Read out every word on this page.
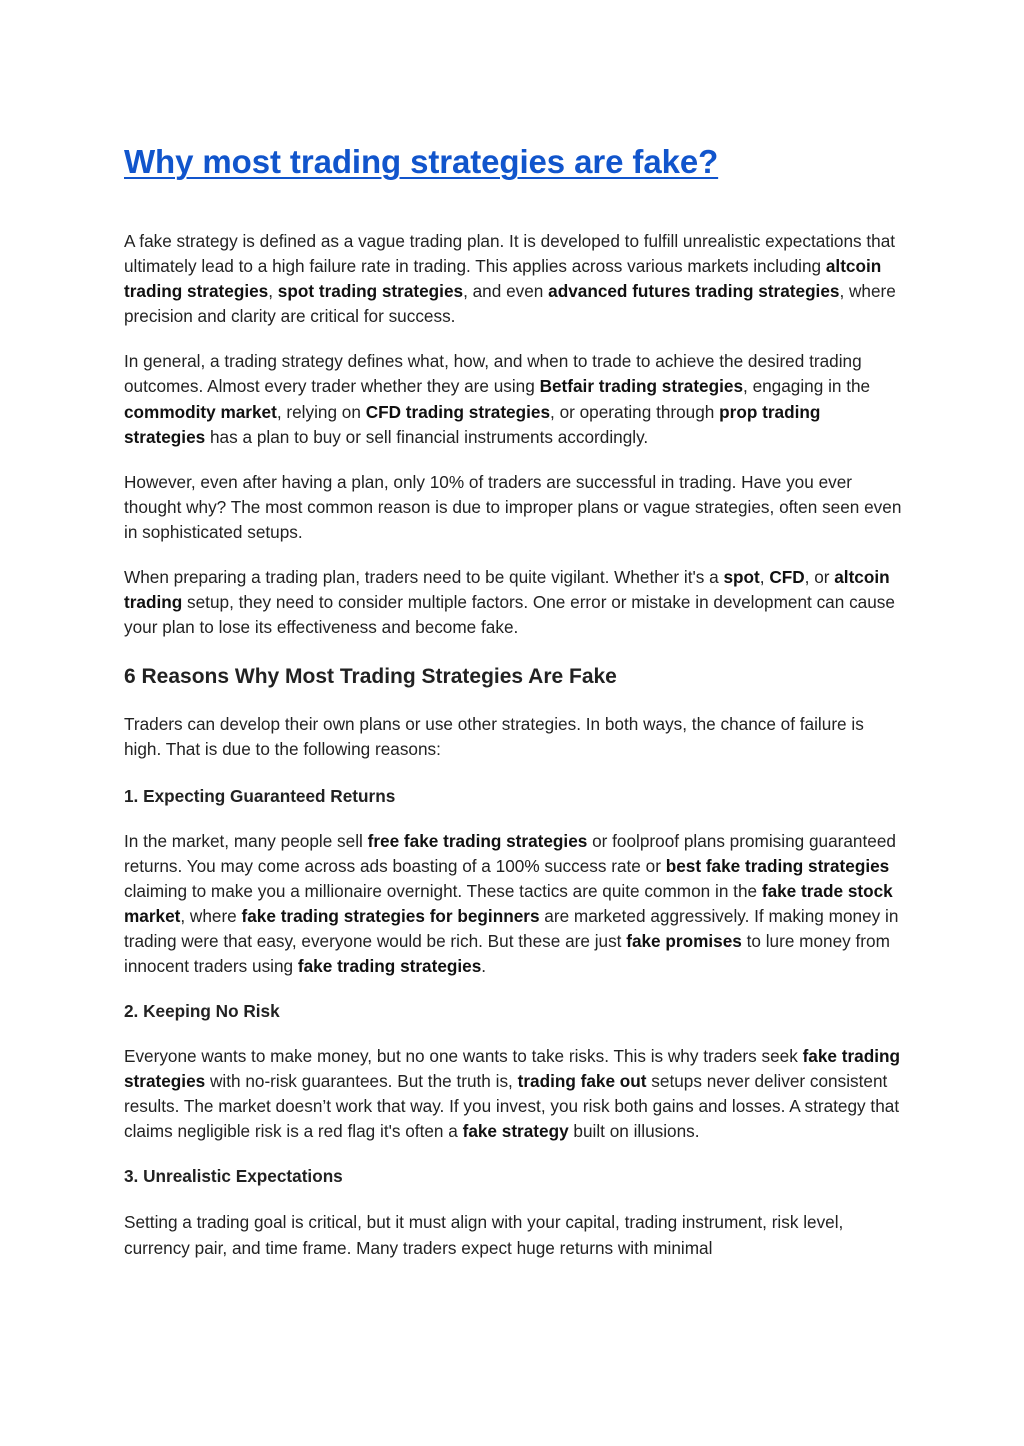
Why most trading strategies are fake?

A fake strategy is defined as a vague trading plan. It is developed to fulfill unrealistic expectations that ultimately lead to a high failure rate in trading. This applies across various markets including altcoin trading strategies, spot trading strategies, and even advanced futures trading strategies, where precision and clarity are critical for success.

In general, a trading strategy defines what, how, and when to trade to achieve the desired trading outcomes. Almost every trader whether they are using Betfair trading strategies, engaging in the commodity market, relying on CFD trading strategies, or operating through prop trading strategies has a plan to buy or sell financial instruments accordingly.

However, even after having a plan, only 10% of traders are successful in trading. Have you ever thought why? The most common reason is due to improper plans or vague strategies, often seen even in sophisticated setups.

When preparing a trading plan, traders need to be quite vigilant. Whether it's a spot, CFD, or altcoin trading setup, they need to consider multiple factors. One error or mistake in development can cause your plan to lose its effectiveness and become fake.

6 Reasons Why Most Trading Strategies Are Fake

Traders can develop their own plans or use other strategies. In both ways, the chance of failure is high. That is due to the following reasons:

1. Expecting Guaranteed Returns

In the market, many people sell free fake trading strategies or foolproof plans promising guaranteed returns. You may come across ads boasting of a 100% success rate or best fake trading strategies claiming to make you a millionaire overnight. These tactics are quite common in the fake trade stock market, where fake trading strategies for beginners are marketed aggressively. If making money in trading were that easy, everyone would be rich. But these are just fake promises to lure money from innocent traders using fake trading strategies.

2. Keeping No Risk

Everyone wants to make money, but no one wants to take risks. This is why traders seek fake trading strategies with no-risk guarantees. But the truth is, trading fake out setups never deliver consistent results. The market doesn’t work that way. If you invest, you risk both gains and losses. A strategy that claims negligible risk is a red flag it's often a fake strategy built on illusions.

3. Unrealistic Expectations

Setting a trading goal is critical, but it must align with your capital, trading instrument, risk level, currency pair, and time frame. Many traders expect huge returns with minimal
